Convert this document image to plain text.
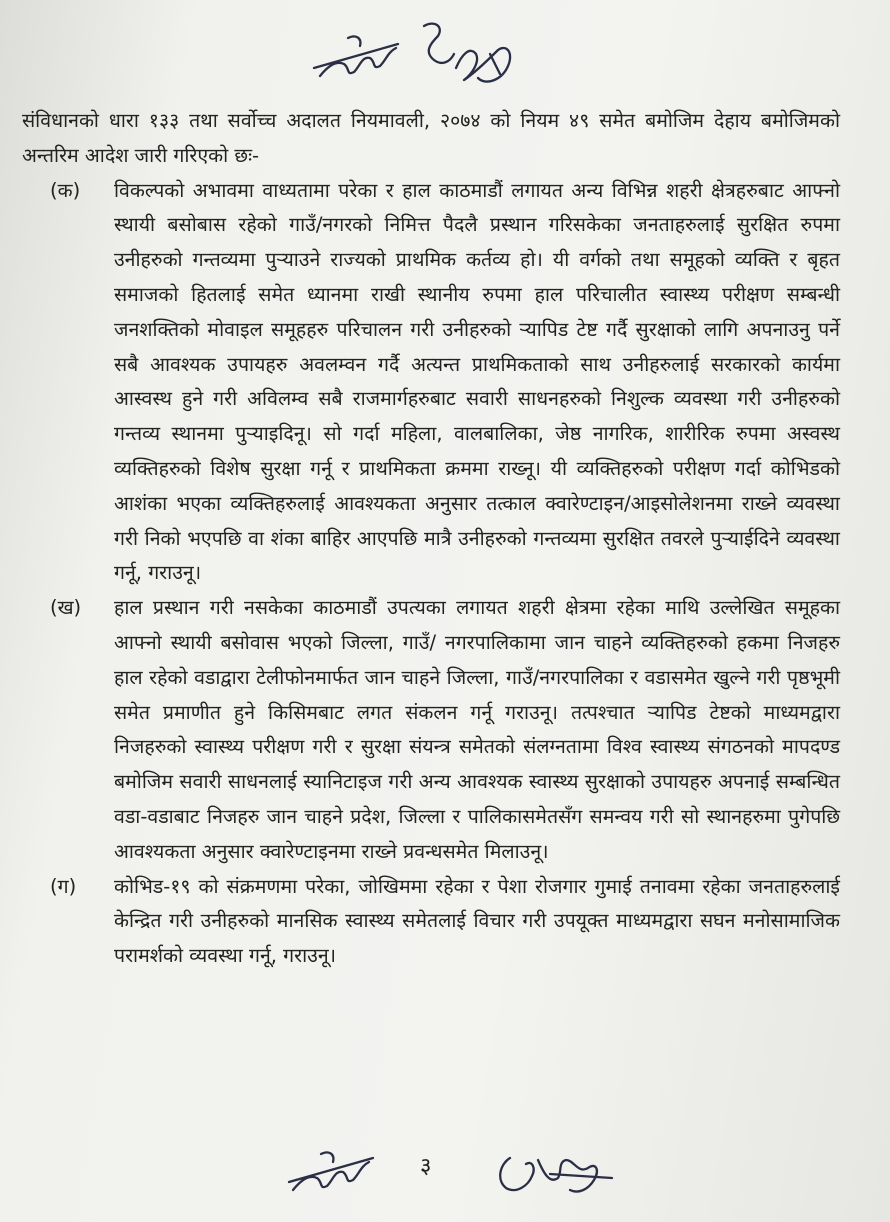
संविधानको धारा १३३ तथा सर्वोच्च अदालत नियमावली, २०७४ को नियम ४९ समेत बमोजिम देहाय बमोजिमको अन्तरिम आदेश जारी गरिएको छः-

(क)	विकल्पको अभावमा वाध्यतामा परेका र हाल काठमाडौं लगायत अन्य विभिन्न शहरी क्षेत्रहरुबाट आफ्नो स्थायी बसोबास रहेको गाउँ/नगरको निमित्त पैदलै प्रस्थान गरिसकेका जनताहरुलाई सुरक्षित रुपमा उनीहरुको गन्तव्यमा पुऱ्याउने राज्यको प्राथमिक कर्तव्य हो। यी वर्गको तथा समूहको व्यक्ति र बृहत समाजको हितलाई समेत ध्यानमा राखी स्थानीय रुपमा हाल परिचालीत स्वास्थ्य परीक्षण सम्बन्धी जनशक्तिको मोवाइल समूहहरु परिचालन गरी उनीहरुको ऱ्यापिड टेष्ट गर्दै सुरक्षाको लागि अपनाउनु पर्ने सबै आवश्यक उपायहरु अवलम्वन गर्दै अत्यन्त प्राथमिकताको साथ उनीहरुलाई सरकारको कार्यमा आस्वस्थ हुने गरी अविलम्व सबै राजमार्गहरुबाट सवारी साधनहरुको निशुल्क व्यवस्था गरी उनीहरुको गन्तव्य स्थानमा पुऱ्याइदिनू। सो गर्दा महिला, वालबालिका, जेष्ठ नागरिक, शारीरिक रुपमा अस्वस्थ व्यक्तिहरुको विशेष सुरक्षा गर्नू र प्राथमिकता क्रममा राख्नू। यी व्यक्तिहरुको परीक्षण गर्दा कोभिडको आशंका भएका व्यक्तिहरुलाई आवश्यकता अनुसार तत्काल क्वारेण्टाइन/आइसोलेशनमा राख्ने व्यवस्था गरी निको भएपछि वा शंका बाहिर आएपछि मात्रै उनीहरुको गन्तव्यमा सुरक्षित तवरले पुऱ्याईदिने व्यवस्था गर्नू, गराउनू।
(ख)	हाल प्रस्थान गरी नसकेका काठमाडौं उपत्यका लगायत शहरी क्षेत्रमा रहेका माथि उल्लेखित समूहका आफ्नो स्थायी बसोवास भएको जिल्ला, गाउँ/ नगरपालिकामा जान चाहने व्यक्तिहरुको हकमा निजहरु हाल रहेको वडाद्वारा टेलीफोनमार्फत जान चाहने जिल्ला, गाउँ/नगरपालिका र वडासमेत खुल्ने गरी पृष्ठभूमी समेत प्रमाणीत हुने किसिमबाट लगत संकलन गर्नू गराउनू। तत्पश्चात ऱ्यापिड टेष्टको माध्यमद्वारा निजहरुको स्वास्थ्य परीक्षण गरी र सुरक्षा संयन्त्र समेतको संलग्नतामा विश्व स्वास्थ्य संगठनको मापदण्ड बमोजिम सवारी साधनलाई स्यानिटाइज गरी अन्य आवश्यक स्वास्थ्य सुरक्षाको उपायहरु अपनाई सम्बन्धित वडा-वडाबाट निजहरु जान चाहने प्रदेश, जिल्ला र पालिकासमेतसँग समन्वय गरी सो स्थानहरुमा पुगेपछि आवश्यकता अनुसार क्वारेण्टाइनमा राख्ने प्रवन्धसमेत मिलाउनू।
(ग)	कोभिड-१९ को संक्रमणमा परेका, जोखिममा रहेका र पेशा रोजगार गुमाई तनावमा रहेका जनताहरुलाई केन्द्रित गरी उनीहरुको मानसिक स्वास्थ्य समेतलाई विचार गरी उपयूक्त माध्यमद्वारा सघन मनोसामाजिक परामर्शको व्यवस्था गर्नू, गराउनू।
३
